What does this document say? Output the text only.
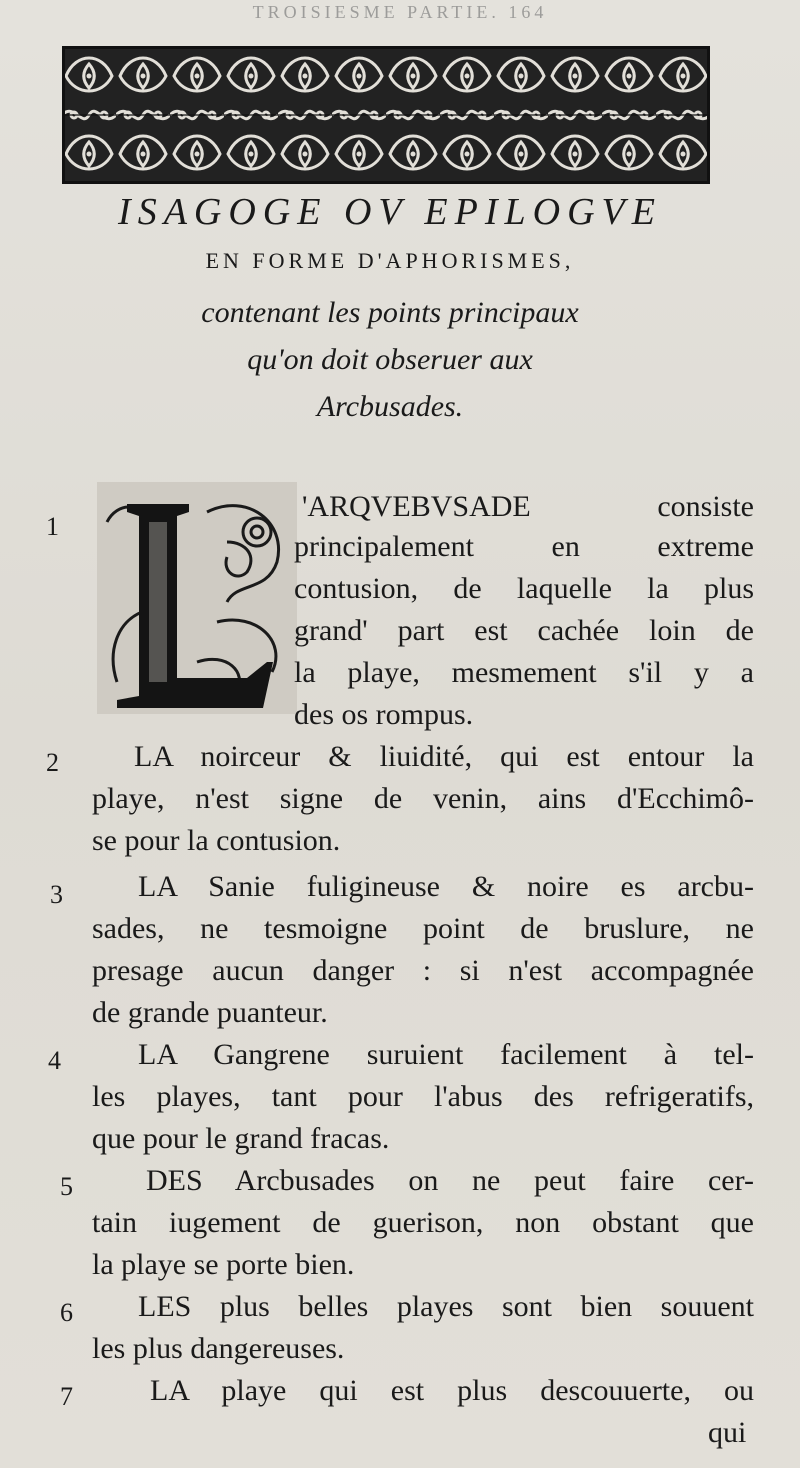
TROISIESME PARTIE. 164
ISAGOGE OV EPILOGVE
EN FORME D'APHORISMES,
contenant les points principaux
qu'on doit obseruer aux
Arcbusades.
1
'ARQVEBVSADE consiste
principalement en extreme
contusion, de laquelle la plus
grand' part est cachée loin de
la playe, mesmement s'il y a
des os rompus.
2	LA noirceur & liuidité, qui est entour la
playe, n'est signe de venin, ains d'Ecchimô-
se pour la contusion.
3	LA Sanie fuligineuse & noire es arcbu-
sades, ne tesmoigne point de bruslure, ne
presage aucun danger : si n'est accompagnée
de grande puanteur.
4	LA Gangrene suruient facilement à tel-
les playes, tant pour l'abus des refrigeratifs,
que pour le grand fracas.
5 DES Arcbusades on ne peut faire cer-
tain iugement de guerison, non obstant que
la playe se porte bien.
6 LES plus belles playes sont bien souuent
les plus dangereuses.
7	LA playe qui est plus descouuerte, ou
qui
